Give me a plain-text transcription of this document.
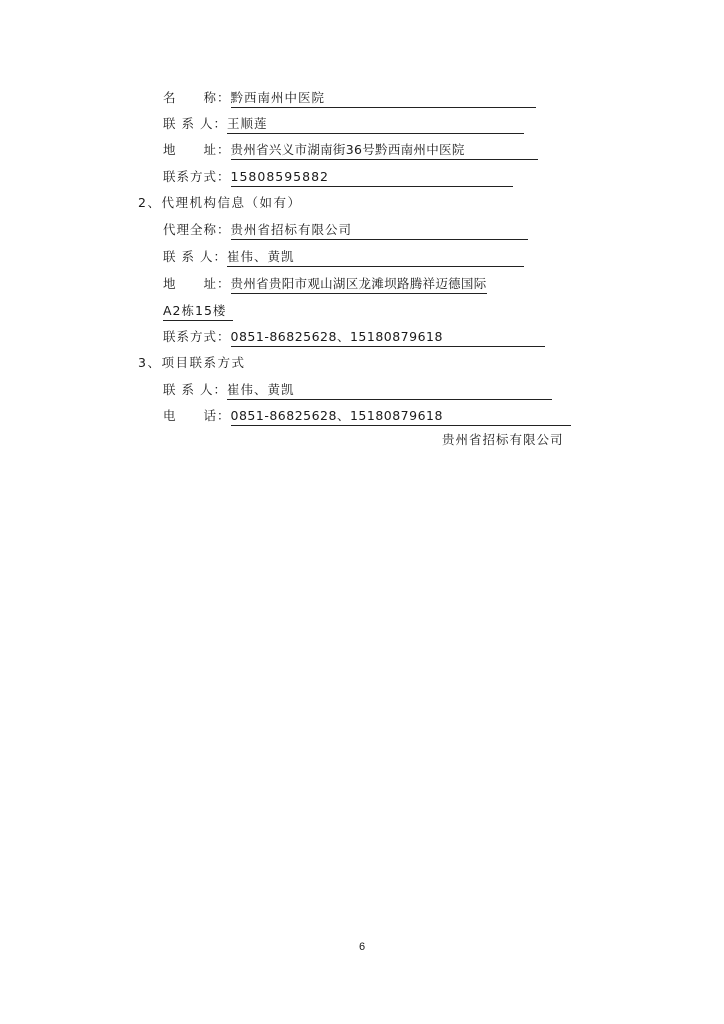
名　　称：黔西南州中医院
联 系 人：王顺莲
地　　址：贵州省兴义市湖南街36号黔西南州中医院
联系方式：15808595882
2、代理机构信息（如有）
代理全称：贵州省招标有限公司
联 系 人：崔伟、黄凯
地　　址：贵州省贵阳市观山湖区龙滩坝路腾祥迈德国际
A2栋15楼
联系方式：0851-86825628、15180879618
3、项目联系方式
联 系 人：崔伟、黄凯
电　　话：0851-86825628、15180879618
贵州省招标有限公司
6
